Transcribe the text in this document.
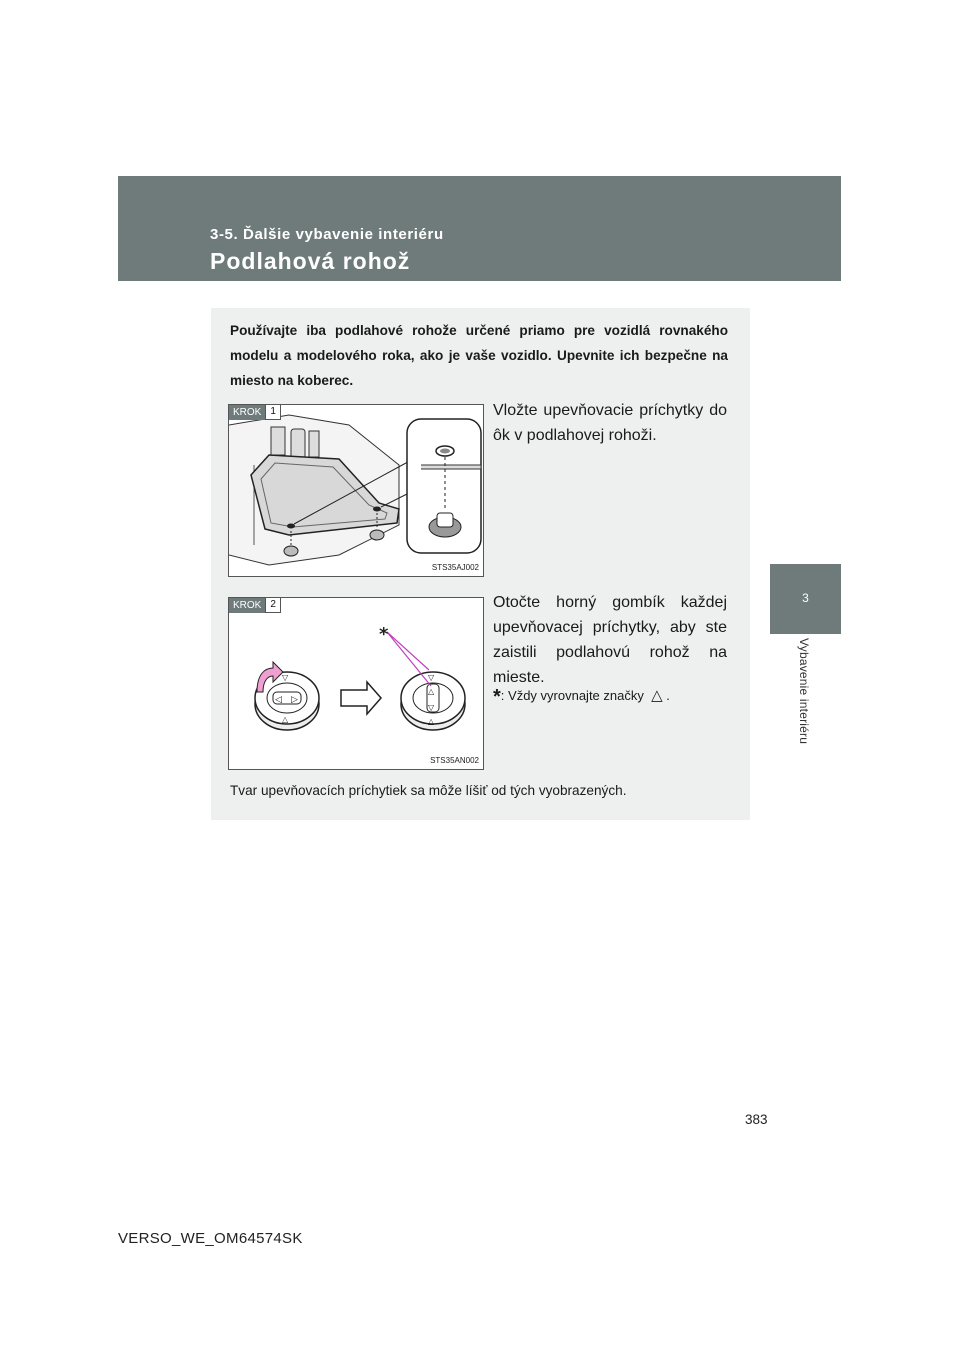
3-5. Ďalšie vybavenie interiéru
Podlahová rohož
3
Vybavenie interiéru
Používajte iba podlahové rohože určené priamo pre vozidlá rovnakého modelu a modelového roka, ako je vaše vozidlo. Upevnite ich bezpečne na miesto na koberec.
KROK 1
STS35AJ002
Vložte upevňovacie príchytky do ôk v podlahovej rohoži.
◁ ▷
▽
△
△
▽
▽
△
*
KROK 2
STS35AN002
Otočte horný gombík každej upevňovacej príchytky, aby ste zaistili podlahovú rohož na mieste.
*: Vždy vyrovnajte značky △ .
Tvar upevňovacích príchytiek sa môže líšiť od tých vyobrazených.
383
VERSO_WE_OM64574SK
